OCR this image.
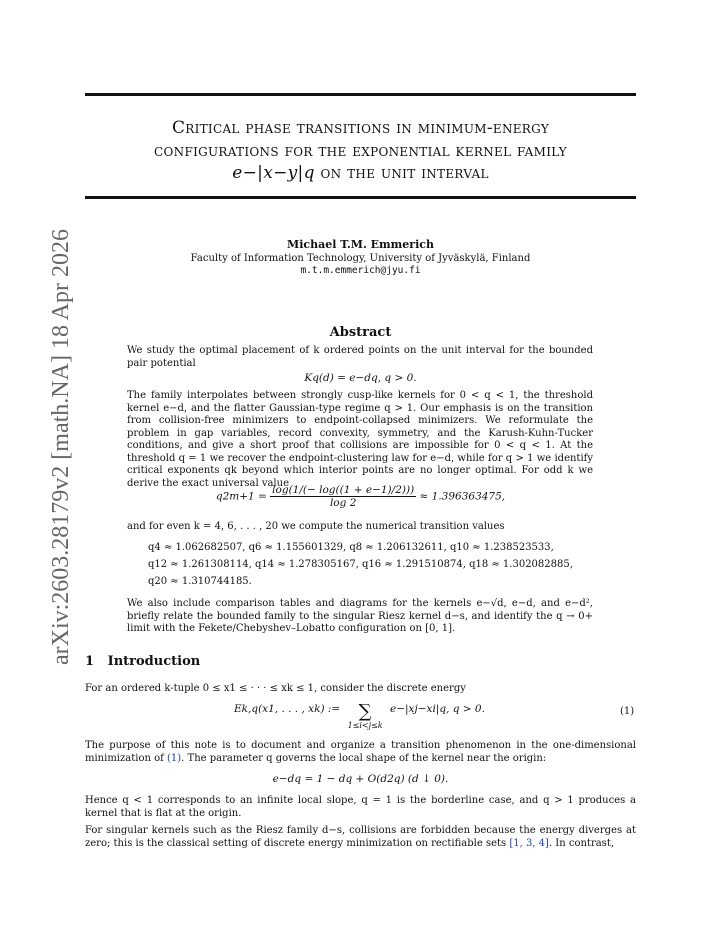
arXiv:2603.28179v2 [math.NA] 18 Apr 2026
Critical phase transitions in minimum-energy
configurations for the exponential kernel family
e−|x−y|q on the unit interval
Michael T.M. Emmerich
Faculty of Information Technology, University of Jyväskylä, Finland
m.t.m.emmerich@jyu.fi
Abstract
We study the optimal placement of k ordered points on the unit interval for the bounded pair potential
Kq(d) = e−dq, q > 0.
The family interpolates between strongly cusp-like kernels for 0 < q < 1, the threshold kernel e−d, and the flatter Gaussian-type regime q > 1. Our emphasis is on the transition from collision-free minimizers to endpoint-collapsed minimizers. We reformulate the problem in gap variables, record convexity, symmetry, and the Karush-Kuhn-Tucker conditions, and give a short proof that collisions are impossible for 0 < q < 1. At the threshold q = 1 we recover the endpoint-clustering law for e−d, while for q > 1 we identify critical exponents qk beyond which interior points are no longer optimal. For odd k we derive the exact universal value
$q2m+1 = \frac{\log(1/(- \log((1 + e-1)/2)))}{\log 2} \approx 1.396363475$,
and for even k = 4, 6, . . . , 20 we compute the numerical transition values
q4 ≈ 1.062682507, q6 ≈ 1.155601329, q8 ≈ 1.206132611, q10 ≈ 1.238523533,
q12 ≈ 1.261308114, q14 ≈ 1.278305167, q16 ≈ 1.291510874, q18 ≈ 1.302082885,
q20 ≈ 1.310744185.
We also include comparison tables and diagrams for the kernels e−√d, e−d, and e−d², briefly relate the bounded family to the singular Riesz kernel d−s, and identify the q → 0+ limit with the Fekete/Chebyshev–Lobatto configuration on [0, 1].
1 Introduction
For an ordered k-tuple 0 ≤ x1 ≤ · · · ≤ xk ≤ 1, consider the discrete energy
Ek,q(x1, . . . , xk) :=	∑
1≤i<j≤k
e−|xj−xi|q, q > 0.	(1)
The purpose of this note is to document and organize a transition phenomenon in the one-dimensional minimization of (1). The parameter q governs the local shape of the kernel near the origin:
e−dq = 1 − dq + O(d2q) (d ↓ 0).
Hence q < 1 corresponds to an infinite local slope, q = 1 is the borderline case, and q > 1 produces a kernel that is flat at the origin.
For singular kernels such as the Riesz family d−s, collisions are forbidden because the energy diverges at zero; this is the classical setting of discrete energy minimization on rectifiable sets [1, 3, 4]. In contrast,
